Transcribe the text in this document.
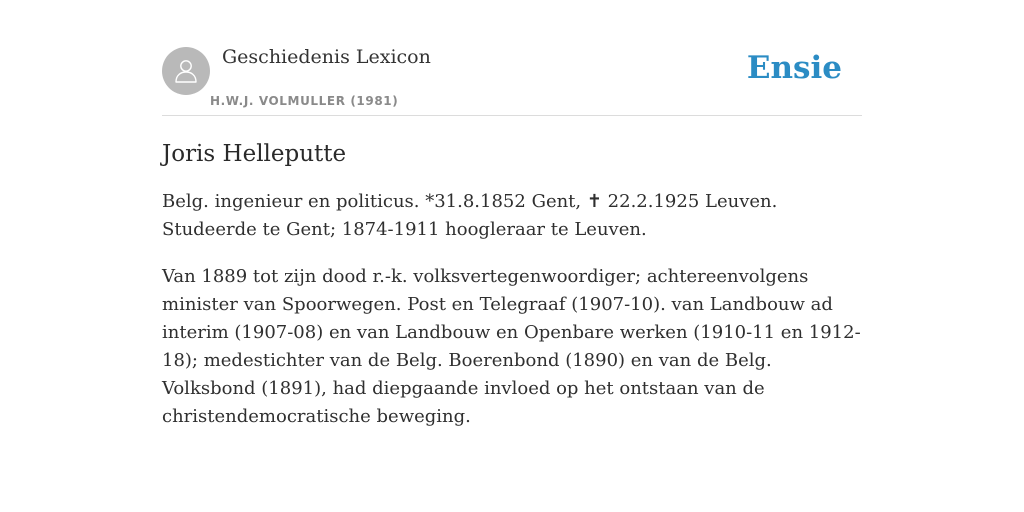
Geschiedenis Lexicon
H.W.J. VOLMULLER (1981)
Ensie
Joris Helleputte

Belg. ingenieur en politicus. *31.8.1852 Gent, ✝ 22.2.1925 Leuven. Studeerde te Gent; 1874-1911 hoogleraar te Leuven.

Van 1889 tot zijn dood r.-k. volksvertegenwoordiger; achtereenvolgens minister van Spoorwegen. Post en Telegraaf (1907-10). van Landbouw ad interim (1907-08) en van Landbouw en Openbare werken (1910-11 en 1912-18); medestichter van de Belg. Boerenbond (1890) en van de Belg. Volksbond (1891), had diepgaande invloed op het ontstaan van de christendemocratische beweging.
